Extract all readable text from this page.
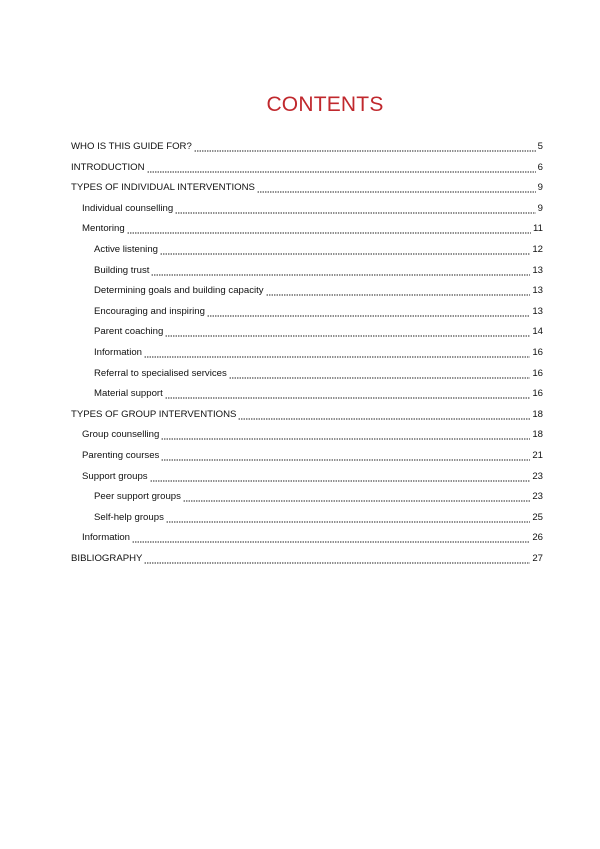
CONTENTS
WHO IS THIS GUIDE FOR?	5
INTRODUCTION	6
TYPES OF INDIVIDUAL INTERVENTIONS	9
Individual counselling	9
Mentoring	11
Active listening	12
Building trust	13
Determining goals and building capacity	13
Encouraging and inspiring	13
Parent coaching	14
Information	16
Referral to specialised services	16
Material support	16
TYPES OF GROUP INTERVENTIONS	18
Group counselling	18
Parenting courses	21
Support groups	23
Peer support groups	23
Self-help groups	25
Information	26
BIBLIOGRAPHY	27
